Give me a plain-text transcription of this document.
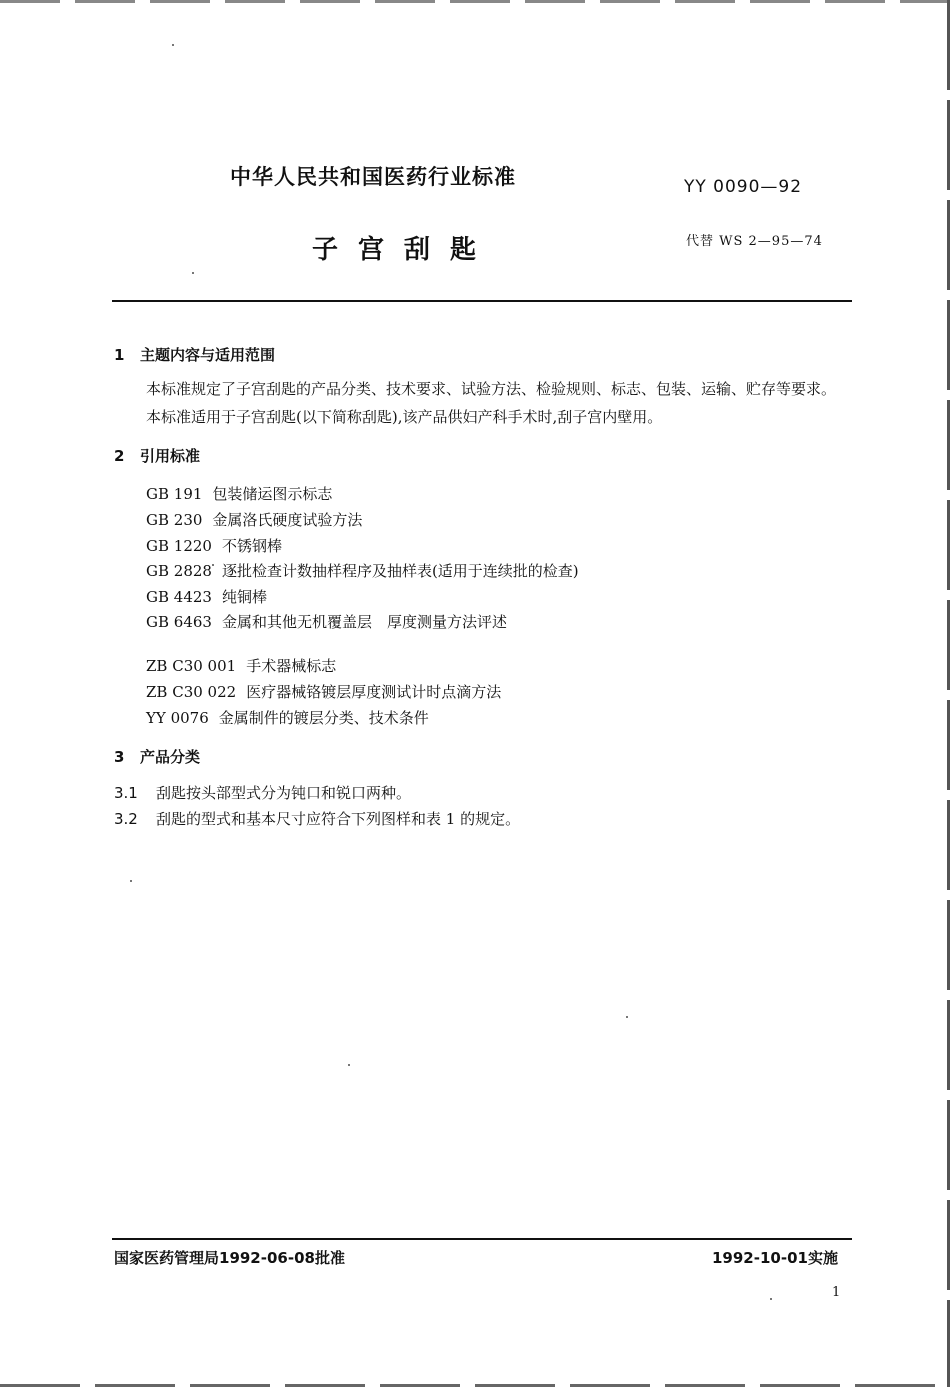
中华人民共和国医药行业标准	YY 0090—92
子宫刮匙	代替 WS 2—95—74
1 主题内容与适用范围
本标准规定了子宫刮匙的产品分类、技术要求、试验方法、检验规则、标志、包装、运输、贮存等要求。
本标准适用于子宫刮匙(以下简称刮匙),该产品供妇产科手术时,刮子宫内壁用。
2 引用标准
GB 191 包装储运图示标志
GB 230 金属洛氏硬度试验方法
GB 1220 不锈钢棒
GB 2828 逐批检查计数抽样程序及抽样表(适用于连续批的检查)
GB 4423 纯铜棒
GB 6463 金属和其他无机覆盖层　厚度测量方法评述
ZB C30 001 手术器械标志
ZB C30 022 医疗器械铬镀层厚度测试计时点滴方法
YY 0076 金属制件的镀层分类、技术条件
3 产品分类
3.1 刮匙按头部型式分为钝口和锐口两种。
3.2 刮匙的型式和基本尺寸应符合下列图样和表 1 的规定。
国家医药管理局1992-06-08批准	1992-10-01实施
1
